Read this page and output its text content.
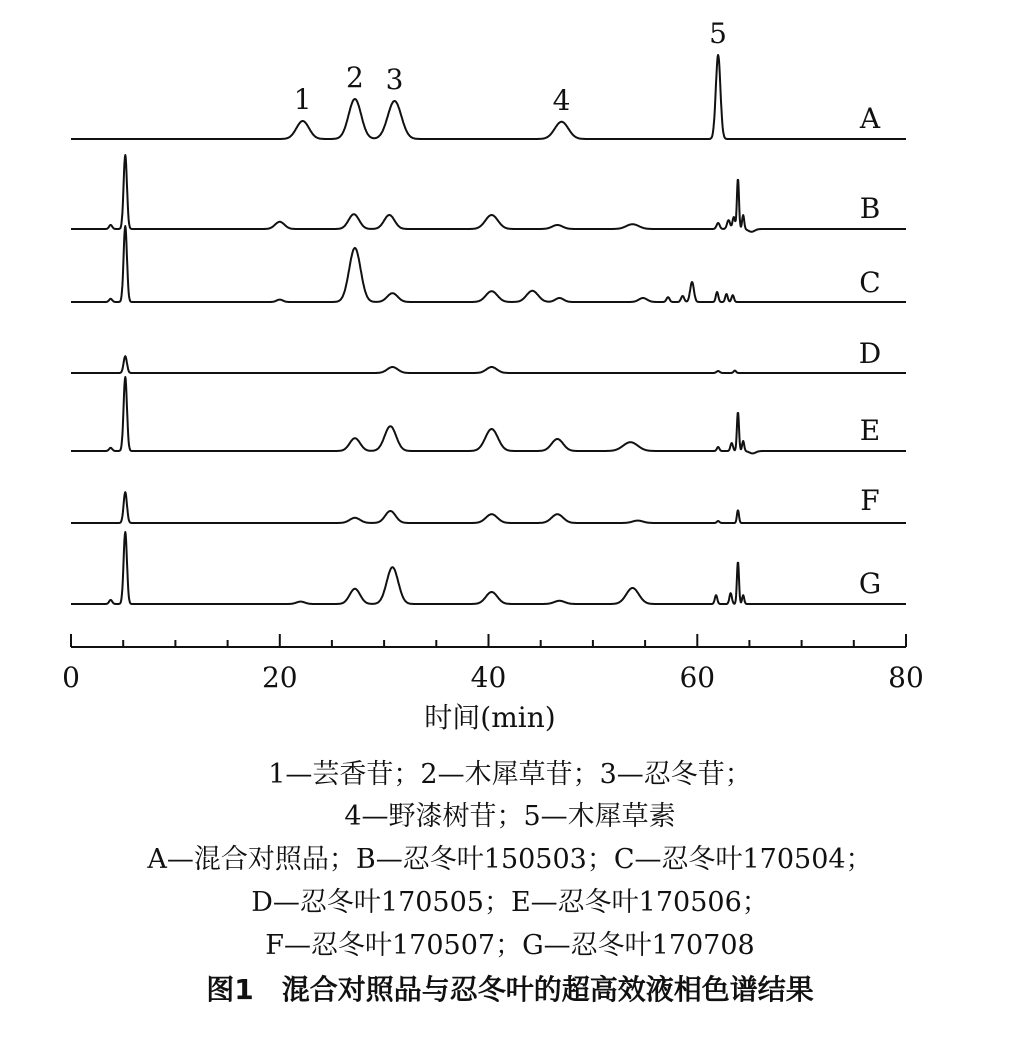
A
B
C
D
E
F
G
1
2 3
4
5
0	20	40	60	80
时间(min)
1—芸香苷；2—木犀草苷；3—忍冬苷；
4—野漆树苷；5—木犀草素
A—混合对照品；B—忍冬叶150503；C—忍冬叶170504；
D—忍冬叶170505；E—忍冬叶170506；
F—忍冬叶170507；G—忍冬叶170708
图1　混合对照品与忍冬叶的超高效液相色谱结果
